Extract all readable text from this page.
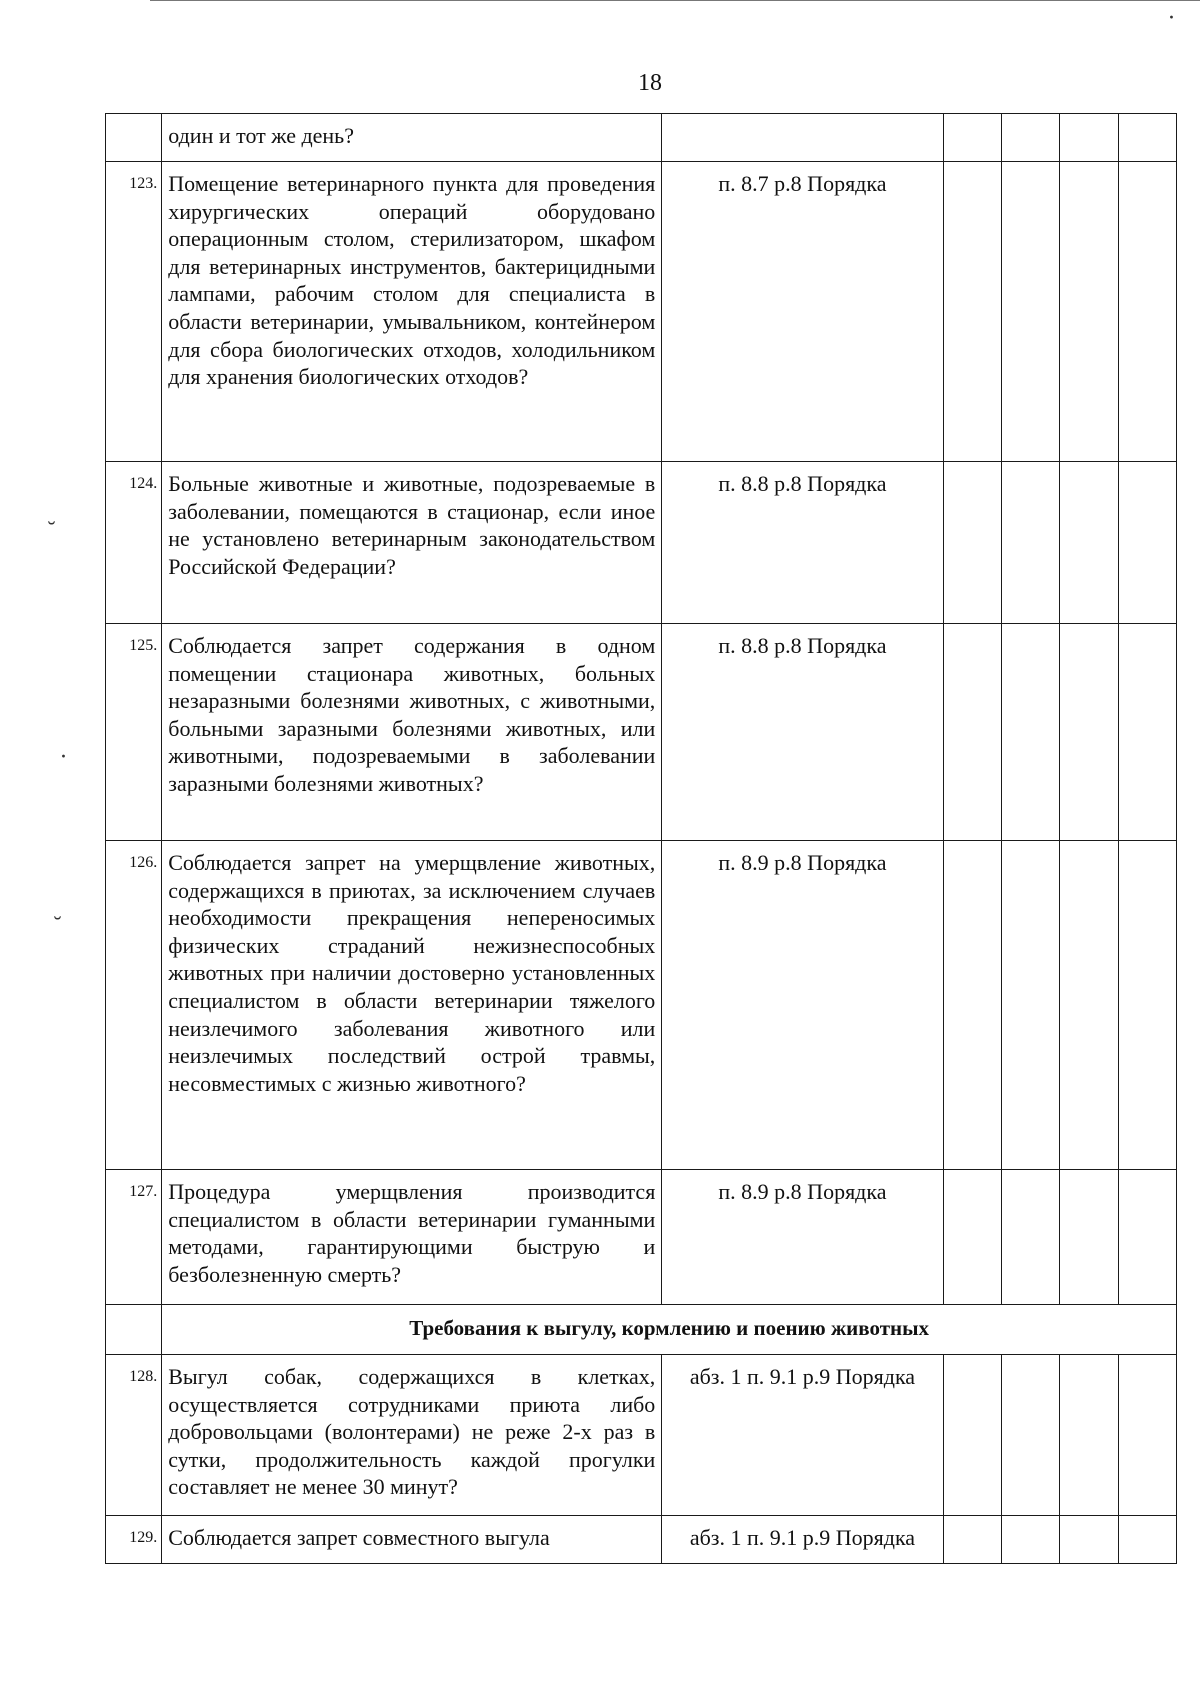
18
·
˘
·
˘

	один и тот же день?					

123.	Помещение ветеринарного пункта для проведения хирургических операций оборудовано операционным столом, стерилизатором, шкафом для ветеринарных инструментов, бактерицидными лампами, рабочим столом для специалиста в области ветеринарии, умывальником, контейнером для сбора биологических отходов, холодильником для хранения биологических отходов?	п. 8.7 р.8 Порядка				

124.	Больные животные и животные, подозреваемые в заболевании, помещаются в стационар, если иное не установлено ветеринарным законодательством Российской Федерации?	п. 8.8 р.8 Порядка				

125.	Соблюдается запрет содержания в одном помещении стационара животных, больных незаразными болезнями животных, с животными, больными заразными болезнями животных, или животными, подозреваемыми в заболевании заразными болезнями животных?	п. 8.8 р.8 Порядка				

126.	Соблюдается запрет на умерщвление животных, содержащихся в приютах, за исключением случаев необходимости прекращения непереносимых физических страданий нежизнеспособных животных при наличии достоверно установленных специалистом в области ветеринарии тяжелого неизлечимого заболевания животного или неизлечимых последствий острой травмы, несовместимых с жизнью животного?	п. 8.9 р.8 Порядка				

127.	Процедура умерщвления производится специалистом в области ветеринарии гуманными методами, гарантирующими быструю и безболезненную смерть?	п. 8.9 р.8 Порядка				

	Требования к выгулу, кормлению и поению животных					

128.	Выгул собак, содержащихся в клетках, осуществляется сотрудниками приюта либо добровольцами (волонтерами) не реже 2-х раз в сутки, продолжительность каждой прогулки составляет не менее 30 минут?	абз. 1 п. 9.1 р.9 Порядка				

129.	Соблюдается запрет совместного выгула	абз. 1 п. 9.1 р.9 Порядка				
